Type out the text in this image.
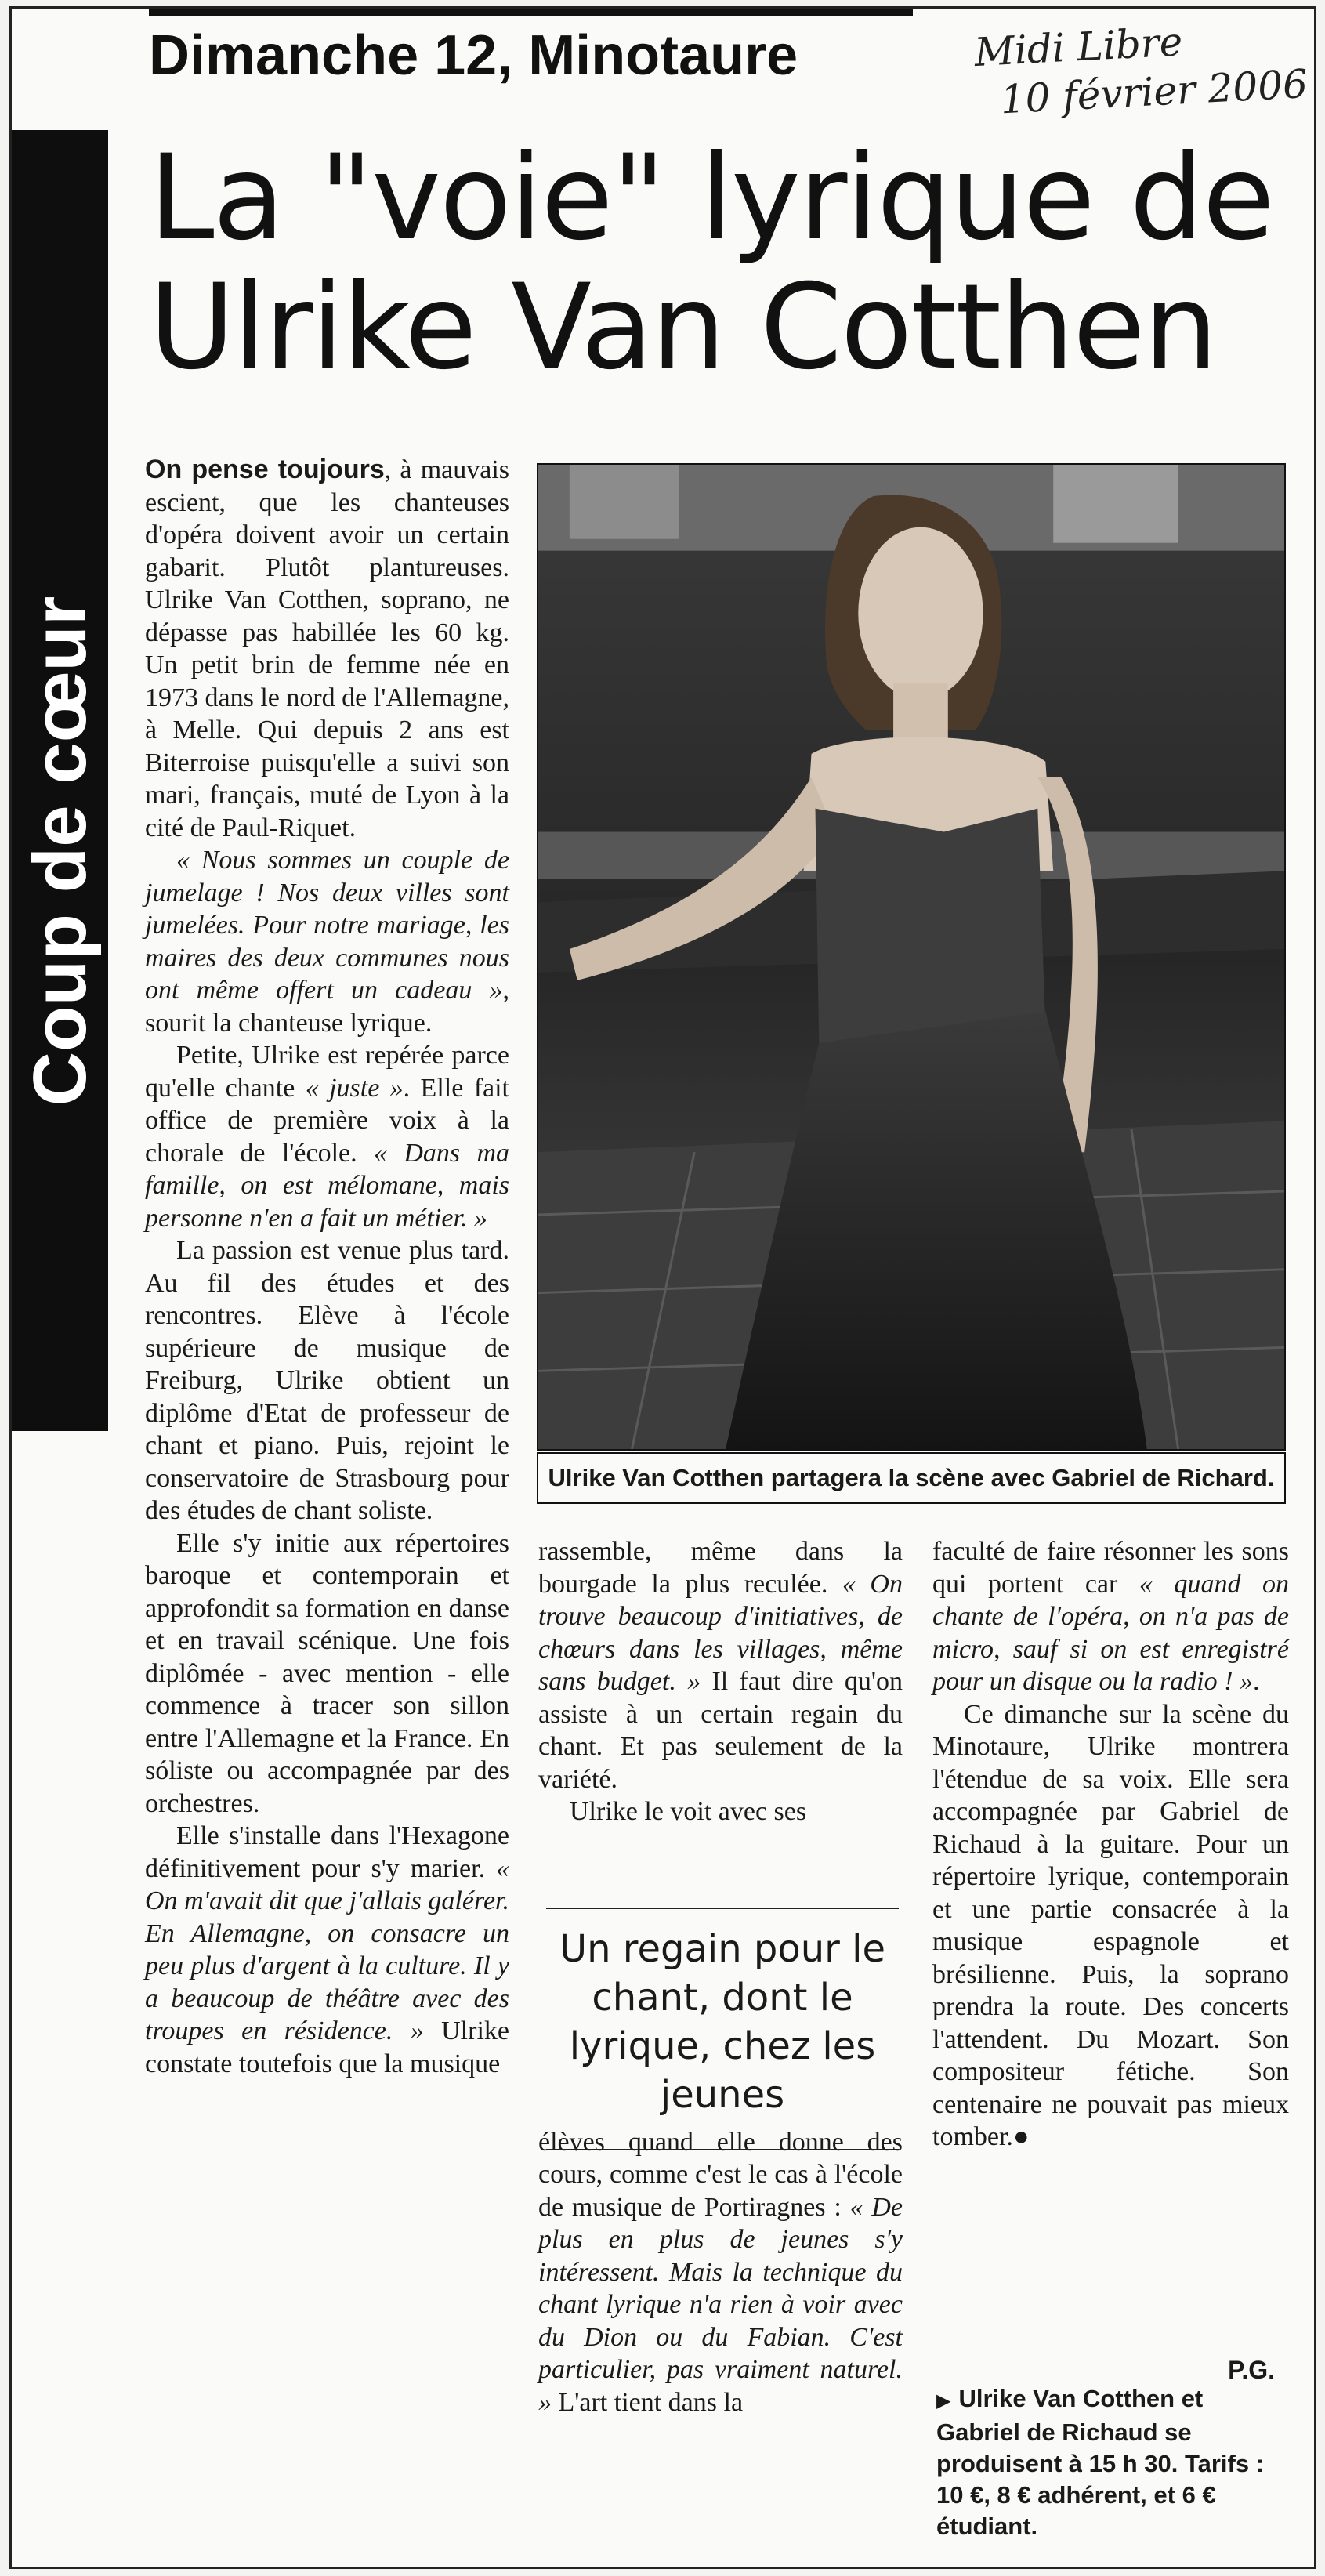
Dimanche 12, Minotaure	Midi Libre
10 février 2006
La "voie" lyrique de Ulrike Van Cotthen
Coup de cœur

On pense toujours, à mauvais escient, que les chanteuses d'opéra doivent avoir un certain gabarit. Plutôt plantureuses. Ulrike Van Cotthen, soprano, ne dépasse pas habillée les 60 kg. Un petit brin de femme née en 1973 dans le nord de l'Allemagne, à Melle. Qui depuis 2 ans est Biterroise puisqu'elle a suivi son mari, français, muté de Lyon à la cité de Paul-Riquet.

« Nous sommes un couple de jumelage ! Nos deux villes sont jumelées. Pour notre mariage, les maires des deux communes nous ont même offert un cadeau », sourit la chanteuse lyrique.

Petite, Ulrike est repérée parce qu'elle chante « juste ». Elle fait office de première voix à la chorale de l'école. « Dans ma famille, on est mélomane, mais personne n'en a fait un métier. »

La passion est venue plus tard. Au fil des études et des rencontres. Elève à l'école supérieure de musique de Freiburg, Ulrike obtient un diplôme d'Etat de professeur de chant et piano. Puis, rejoint le conservatoire de Strasbourg pour des études de chant soliste.

Elle s'y initie aux répertoires baroque et contemporain et approfondit sa formation en danse et en travail scénique. Une fois diplômée - avec mention - elle commence à tracer son sillon entre l'Allemagne et la France. En sóliste ou accompagnée par des orchestres.

Elle s'installe dans l'Hexagone définitivement pour s'y marier. « On m'avait dit que j'allais galérer. En Allemagne, on consacre un peu plus d'argent à la culture. Il y a beaucoup de théâtre avec des troupes en résidence. » Ulrike constate toutefois que la musique

Ulrike Van Cotthen partagera la scène avec Gabriel de Richard.

rassemble, même dans la bourgade la plus reculée. « On trouve beaucoup d'initiatives, de chœurs dans les villages, même sans budget. » Il faut dire qu'on assiste à un certain regain du chant. Et pas seulement de la variété.

Ulrike le voit avec ses

élèves quand elle donne des cours, comme c'est le cas à l'école de musique de Portiragnes : « De plus en plus de jeunes s'y intéressent. Mais la technique du chant lyrique n'a rien à voir avec du Dion ou du Fabian. C'est particulier, pas vraiment naturel. » L'art tient dans la

Un regain pour le chant, dont le lyrique, chez les jeunes

faculté de faire résonner les sons qui portent car « quand on chante de l'opéra, on n'a pas de micro, sauf si on est enregistré pour un disque ou la radio ! ».

Ce dimanche sur la scène du Minotaure, Ulrike montrera l'étendue de sa voix. Elle sera accompagnée par Gabriel de Richaud à la guitare. Pour un répertoire lyrique, contemporain et une partie consacrée à la musique espagnole et brésilienne. Puis, la soprano prendra la route. Des concerts l'attendent. Du Mozart. Son compositeur fétiche. Son centenaire ne pouvait pas mieux tomber.●

P.G.
▶ Ulrike Van Cotthen et Gabriel de Richaud se produisent à 15 h 30. Tarifs : 10 €, 8 € adhérent, et 6 € étudiant.
